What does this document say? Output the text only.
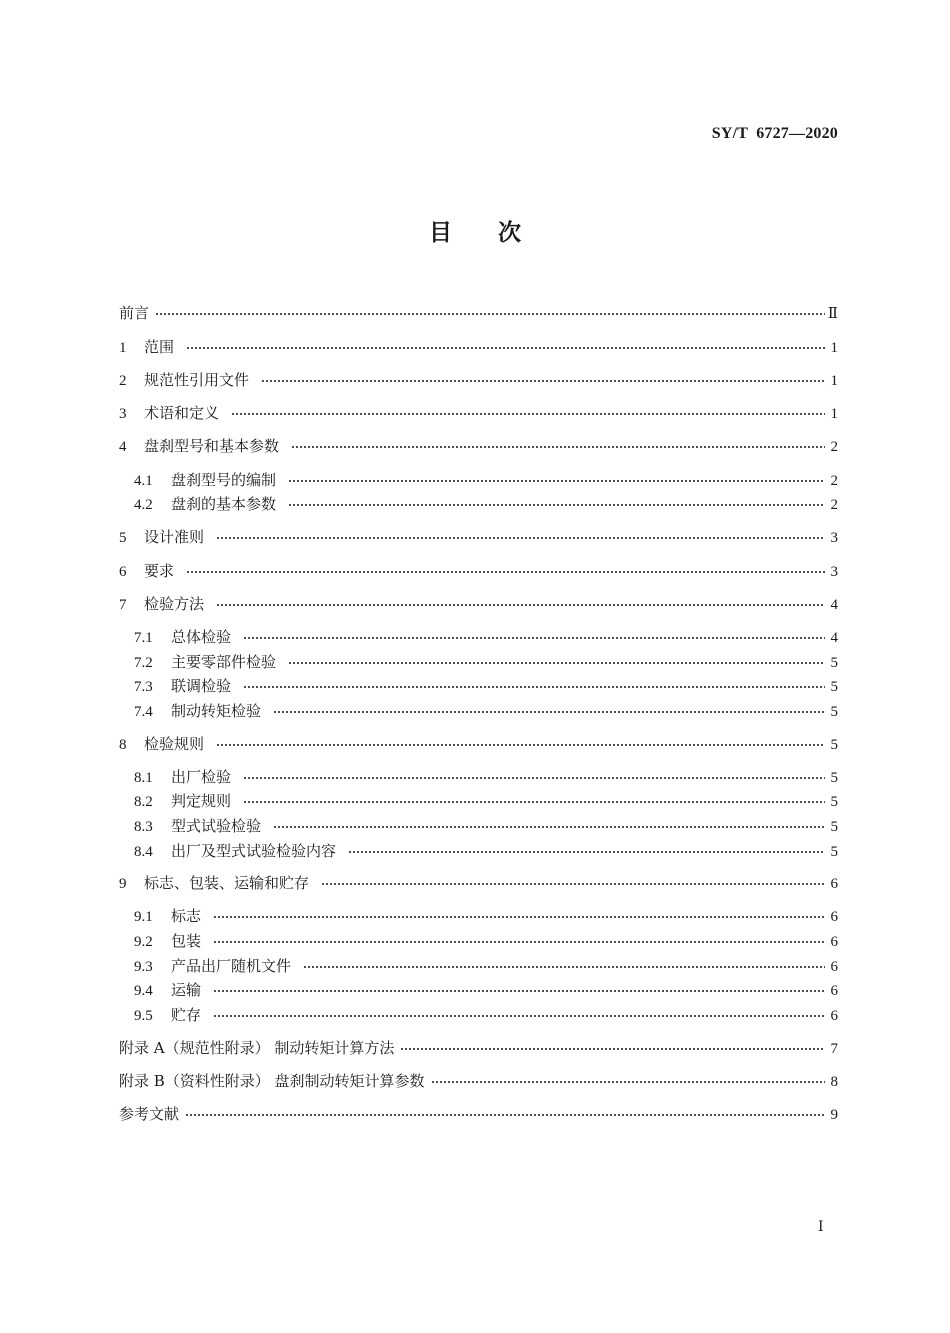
SY/T  6727—2020
目次
前言	Ⅱ
1	范围	1
2	规范性引用文件	1
3	术语和定义	1
4	盘刹型号和基本参数	2
4.1	盘刹型号的编制	2
4.2	盘刹的基本参数	2
5	设计准则	3
6	要求	3
7	检验方法	4
7.1	总体检验	4
7.2	主要零部件检验	5
7.3	联调检验	5
7.4	制动转矩检验	5
8	检验规则	5
8.1	出厂检验	5
8.2	判定规则	5
8.3	型式试验检验	5
8.4	出厂及型式试验检验内容	5
9	标志、包装、运输和贮存	6
9.1	标志	6
9.2	包装	6
9.3	产品出厂随机文件	6
9.4	运输	6
9.5	贮存	6
附录 A（规范性附录） 制动转矩计算方法	7
附录 B（资料性附录） 盘刹制动转矩计算参数	8
参考文献	9
Ⅰ
